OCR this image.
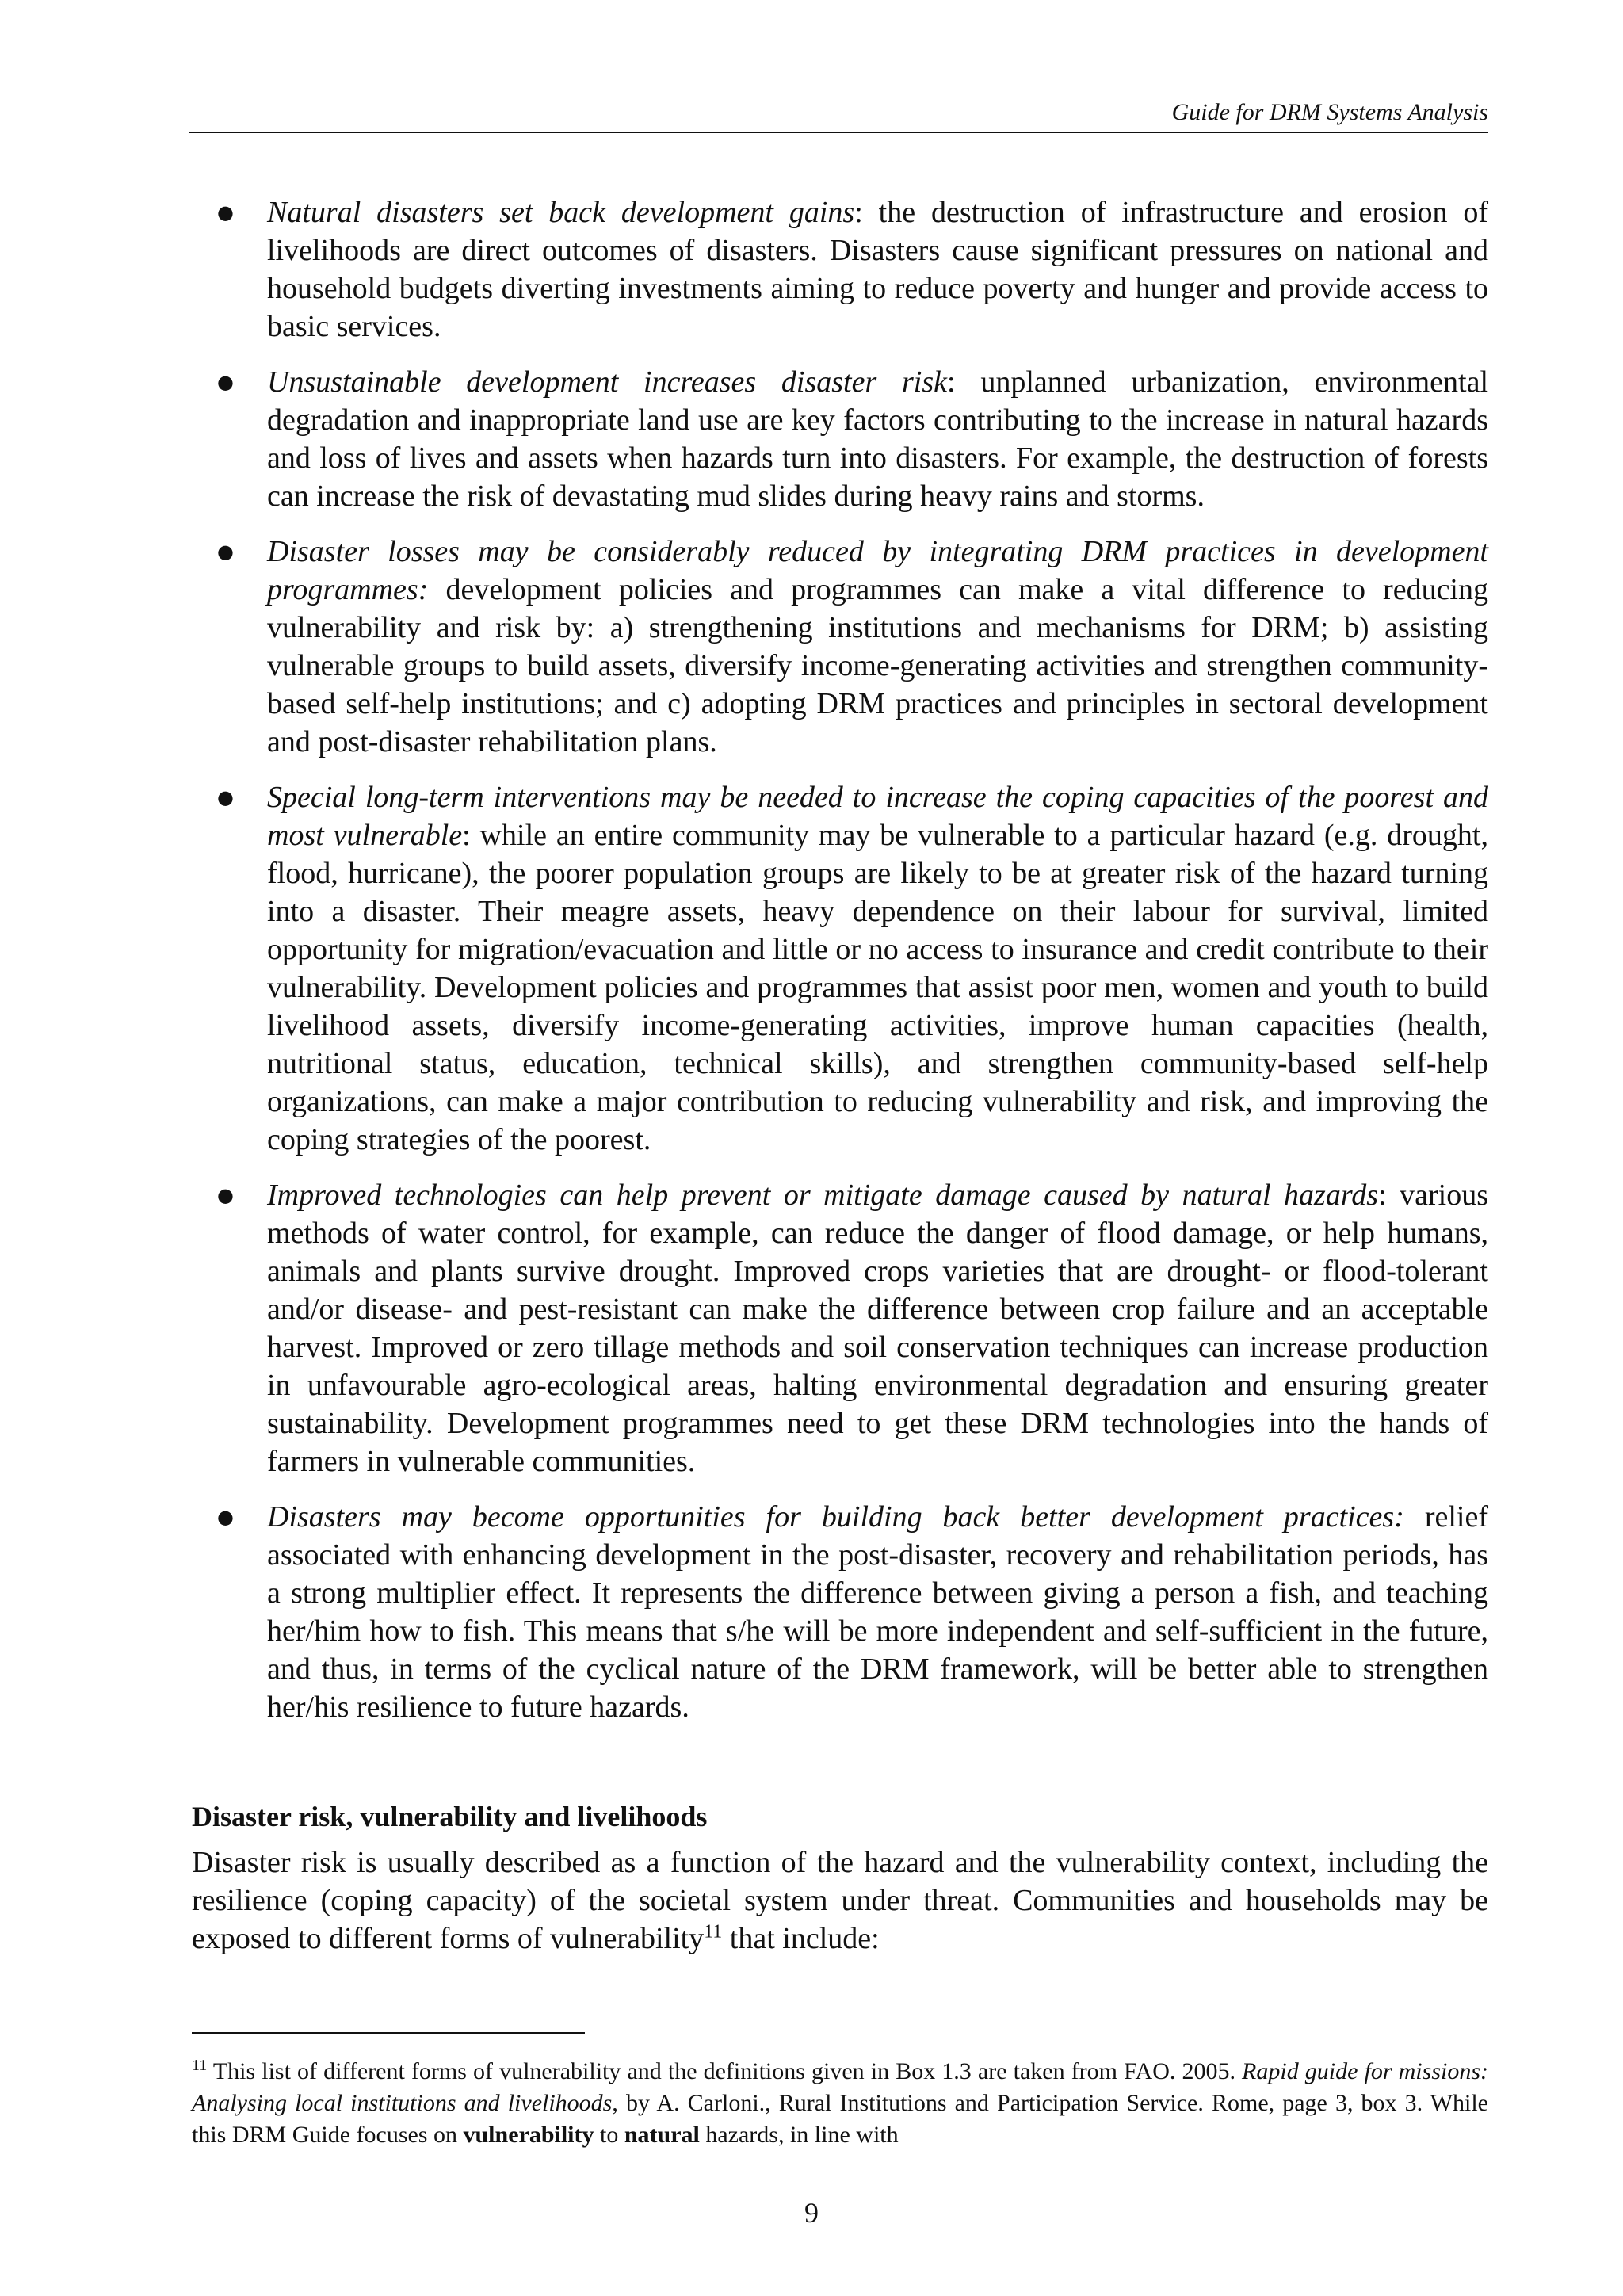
Guide for DRM Systems Analysis
● Natural disasters set back development gains: the destruction of infrastructure and erosion of livelihoods are direct outcomes of disasters. Disasters cause significant pressures on national and household budgets diverting investments aiming to reduce poverty and hunger and provide access to basic services.
● Unsustainable development increases disaster risk: unplanned urbanization, environmental degradation and inappropriate land use are key factors contributing to the increase in natural hazards and loss of lives and assets when hazards turn into disasters. For example, the destruction of forests can increase the risk of devastating mud slides during heavy rains and storms.
● Disaster losses may be considerably reduced by integrating DRM practices in development programmes: development policies and programmes can make a vital difference to reducing vulnerability and risk by: a) strengthening institutions and mechanisms for DRM; b) assisting vulnerable groups to build assets, diversify income-generating activities and strengthen community-based self-help institutions; and c) adopting DRM practices and principles in sectoral development and post-disaster rehabilitation plans.
● Special long-term interventions may be needed to increase the coping capacities of the poorest and most vulnerable: while an entire community may be vulnerable to a particular hazard (e.g. drought, flood, hurricane), the poorer population groups are likely to be at greater risk of the hazard turning into a disaster. Their meagre assets, heavy dependence on their labour for survival, limited opportunity for migration/evacuation and little or no access to insurance and credit contribute to their vulnerability. Development policies and programmes that assist poor men, women and youth to build livelihood assets, diversify income-generating activities, improve human capacities (health, nutritional status, education, technical skills), and strengthen community-based self-help organizations, can make a major contribution to reducing vulnerability and risk, and improving the coping strategies of the poorest.
● Improved technologies can help prevent or mitigate damage caused by natural hazards: various methods of water control, for example, can reduce the danger of flood damage, or help humans, animals and plants survive drought. Improved crops varieties that are drought- or flood-tolerant and/or disease- and pest-resistant can make the difference between crop failure and an acceptable harvest. Improved or zero tillage methods and soil conservation techniques can increase production in unfavourable agro-ecological areas, halting environmental degradation and ensuring greater sustainability. Development programmes need to get these DRM technologies into the hands of farmers in vulnerable communities.
● Disasters may become opportunities for building back better development practices: relief associated with enhancing development in the post-disaster, recovery and rehabilitation periods, has a strong multiplier effect. It represents the difference between giving a person a fish, and teaching her/him how to fish. This means that s/he will be more independent and self-sufficient in the future, and thus, in terms of the cyclical nature of the DRM framework, will be better able to strengthen her/his resilience to future hazards.
Disaster risk, vulnerability and livelihoods

Disaster risk is usually described as a function of the hazard and the vulnerability context, including the resilience (coping capacity) of the societal system under threat. Communities and households may be exposed to different forms of vulnerability$^{11}$ that include:

$^{11}$ This list of different forms of vulnerability and the definitions given in Box 1.3 are taken from FAO. 2005. Rapid guide for missions: Analysing local institutions and livelihoods, by A. Carloni., Rural Institutions and Participation Service. Rome, page 3, box 3. While this DRM Guide focuses on vulnerability to natural hazards, in line with

9
